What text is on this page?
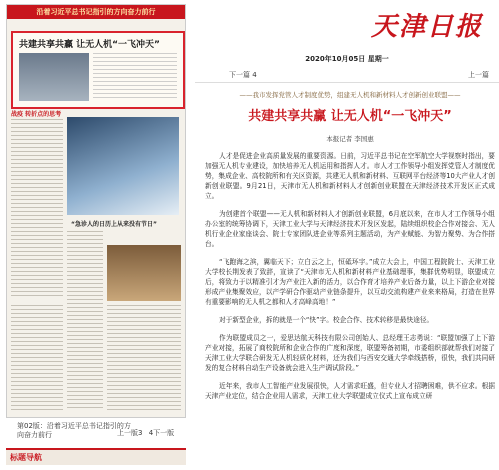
沿着习近平总书记指引的方向奋力前行
共建共享共赢 让无人机“一飞冲天”
战疫 转折点的思考
“急诊人的日历上从来没有节日”
第02版：沿着习近平总书记指引的方向奋力前行	上一版3 4下一版
标题导航
天津日报
2020年10月05日 星期一
下一篇 4	上一篇
——我市发挥党管人才制度优势，组建无人机和新材料人才创新创业联盟——
共建共享共赢 让无人机“一飞冲天”
本报记者 李国惠

人才是促进企业高质量发展的重要资源。日前，习近平总书记在空军航空大学视察时指出，要加强无人机专业建设，加快培养无人机运用和指挥人才。市人才工作领导小组发挥党管人才制度优势，集成企业、高校院所和有关区资源，共建无人机和新材料、互联网平台经济等10大产业人才创新创业联盟。9月21日，天津市无人机和新材料人才创新创业联盟在天津经济技术开发区正式成立。

为创建首个联盟——无人机和新材料人才创新创业联盟，6月底以来，在市人才工作领导小组办公室的统筹协调下，天津工业大学与天津经济技术开发区发起，陆续组织校企合作对接会、无人机行业企业家座谈会、院士专家团队进企业等系列主题活动，为产业赋能、为智力聚势、为合作搭台。

“飞跑海之滨，翼临天下；立白云之上，恒砥环宇。”成立大会上，中国工程院院士、天津工业大学校长荆发表了致辞，宣读了“天津市无人机和新材料产业基础理事，集群优势明显，联盟成立后，将致力于以精准引才为产业注入新的活力，以合作育才培养产业后备力量，以上下游企业对接形成产业集聚效应，以产学研合作驱动产业链条提升，以互动交流构建产业来来格局，打造在世界有重要影响的无人机之都和人才高峰高地！”

对于新型企业，拆的就是一个“快”字。校企合作、技术转移是最快途径。

作为联盟成员之一，爱思达航天科技有限公司创始人、总经理王志勇说：“联盟加强了上下游产业对接，拓展了商校院所和企业合作的广度和深度，联盟筹备初期，市委组织部就帮我们对接了天津工业大学联合研发无人机轻质化材料，还为我们与西安交通大学牵线搭桥，很快，我们共同研发的复合材料自动生产设备就会进入生产调试阶段。”

近年来，我市人工智能产业发展很快，人才需求旺盛，但专业人才招聘困难，供不应求。根据天津产业定位，结合企业用人需求，天津工业大学联盟成立仪式上宣布成立研
